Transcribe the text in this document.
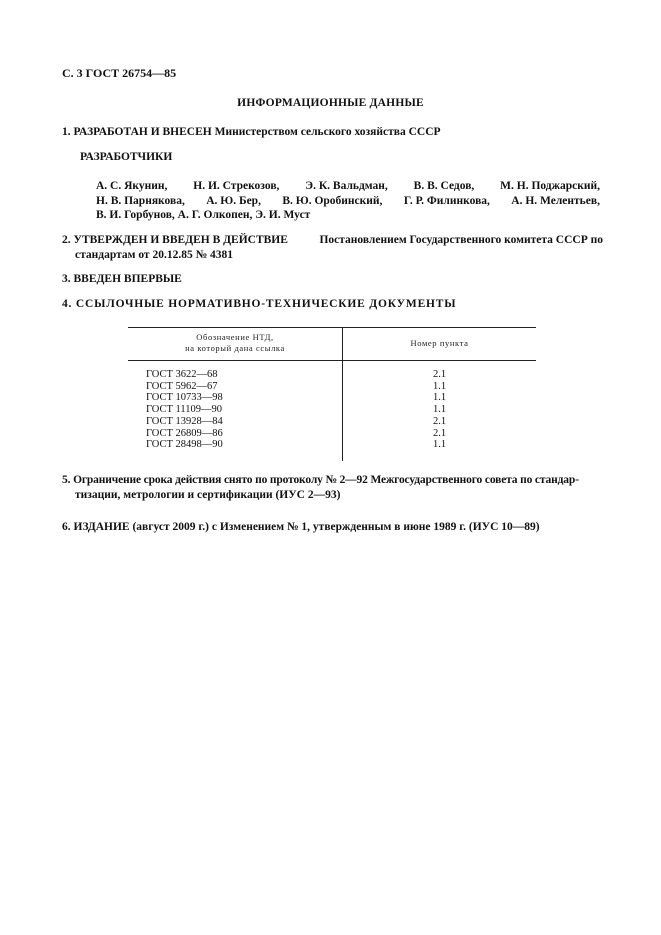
С. 3 ГОСТ 26754—85
ИНФОРМАЦИОННЫЕ ДАННЫЕ
1. РАЗРАБОТАН И ВНЕСЕН Министерством сельского хозяйства СССР
РАЗРАБОТЧИКИ
А. С. Якунин, Н. И. Стрекозов, Э. К. Вальдман, В. В. Седов, М. Н. Поджарский,
Н. В. Парнякова, А. Ю. Бер, В. Ю. Оробинский, Г. Р. Филинкова, А. Н. Мелентьев,
В. И. Горбунов, А. Г. Олкопен, Э. И. Муст
2. УТВЕРЖДЕН И ВВЕДЕН В ДЕЙСТВИЕ	Постановлением Государственного комитета СССР по
стандартам от 20.12.85 № 4381
3. ВВЕДЕН ВПЕРВЫЕ
4. ССЫЛОЧНЫЕ НОРМАТИВНО-ТЕХНИЧЕСКИЕ ДОКУМЕНТЫ
Обозначение НТД,
на который дана ссылка	Номер пункта
ГОСТ 3622—68	2.1
ГОСТ 5962—67	1.1
ГОСТ 10733—98	1.1
ГОСТ 11109—90	1.1
ГОСТ 13928—84	2.1
ГОСТ 26809—86	2.1
ГОСТ 28498—90	1.1
5. Ограничение срока действия снято по протоколу № 2—92 Межгосударственного совета по стандар-
тизации, метрологии и сертификации (ИУС 2—93)
6. ИЗДАНИЕ (август 2009 г.) с Изменением № 1, утвержденным в июне 1989 г. (ИУС 10—89)
